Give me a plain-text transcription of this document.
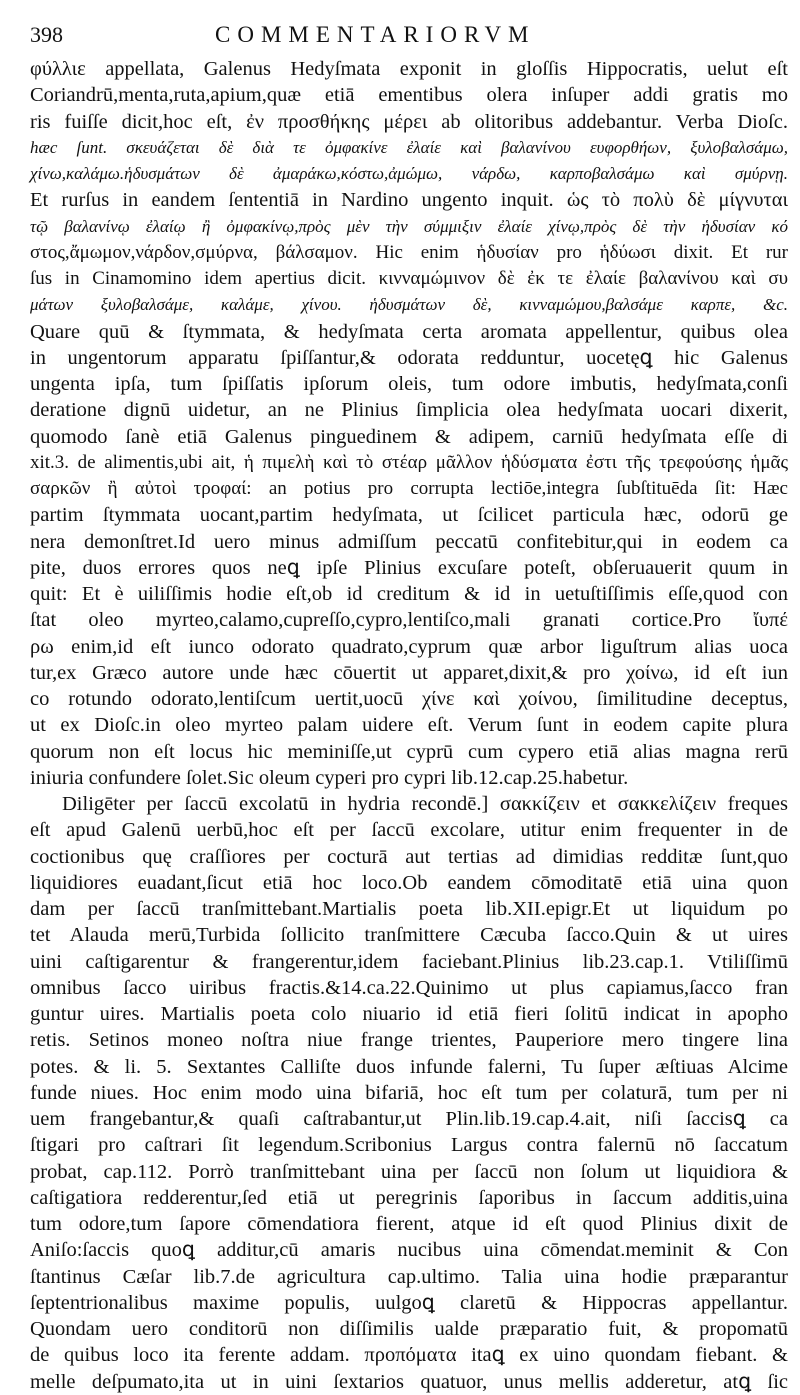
398	COMMENTARIORVM
φύλλιε appellata, Galenus Hedyſmata exponit in gloſſis Hippocratis, uelut eſt
Coriandrū,menta,ruta,apium,quæ etiā ementibus olera inſuper addi gratis mo
ris fuiſſe dicit,hoc eſt, ἐν προσθήκης μέρει ab olitoribus addebantur. Verba Dioſc.
hæc ſunt. σκευάζεται δὲ διὰ τε ὀμφακίνε ἐλαίε καὶ βαλανίνου ευφορθήων, ξυλοβαλσάμω,
χίνω,καλάμω.ἡδυσμάτων δὲ ἀμαράκω,κόστω,ἀμώμω, νάρδω, καρποβαλσάμω καὶ σμύρνῃ.
Et rurſus in eandem ſententiā in Nardino ungento inquit. ὡς τὸ πολὺ δὲ μίγνυται
τῷ βαλανίνῳ ἐλαίῳ ἢ ὀμφακίνῳ,πρὸς μὲν τὴν σύμμιξιν ἐλαίε χίνῳ,πρὸς δὲ τὴν ἡδυσίαν κό
στος,ἄμωμον,νάρδον,σμύρνα, βάλσαμον. Hic enim ἡδυσίαν pro ἡδύωσι dixit. Et rur
ſus in Cinamomino idem apertius dicit. κινναμώμινον δὲ ἐκ τε ἐλαίε βαλανίνου καὶ συ
μάτων ξυλοβαλσάμε, καλάμε, χίνου. ἡδυσμάτων δὲ, κινναμώμου,βαλσάμε καρπε, &c.
Quare quū & ſtymmata, & hedyſmata certa aromata appellentur, quibus olea
in ungentorum apparatu ſpiſſantur,& odorata redduntur, uocetęꝗ hic Galenus
ungenta ipſa, tum ſpiſſatis ipſorum oleis, tum odore imbutis, hedyſmata,conſi
deratione dignū uidetur, an ne Plinius ſimplicia olea hedyſmata uocari dixerit,
quomodo ſanè etiā Galenus pinguedinem & adipem, carniū hedyſmata eſſe di
xit.3. de alimentis,ubi ait, ἡ πιμελὴ καὶ τὸ στέαρ μᾶλλον ἡδύσματα ἐστι τῆς τρεφούσης ἡμᾶς
σαρκῶν ἢ αὐτοὶ τροφαί: an potius pro corrupta lectiōe,integra ſubſtituēda ſit: Hæc
partim ſtymmata uocant,partim hedyſmata, ut ſcilicet particula hæc, odorū ge
nera demonſtret.Id uero minus admiſſum peccatū confitebitur,qui in eodem ca
pite, duos errores quos neꝗ ipſe Plinius excuſare poteſt, obſeruauerit quum in
quit: Et è uiliſſimis hodie eſt,ob id creditum & id in uetuſtiſſimis eſſe,quod con
ſtat oleo myrteo,calamo,cupreſſo,cypro,lentiſco,mali granati cortice.Pro ἴυπέ
ρω enim,id eſt iunco odorato quadrato,cyprum quæ arbor liguſtrum alias uoca
tur,ex Græco autore unde hæc cōuertit ut apparet,dixit,& pro χοίνω, id eſt iun
co rotundo odorato,lentiſcum uertit,uocū χίνε καὶ χοίνου, ſimilitudine deceptus,
ut ex Dioſc.in oleo myrteo palam uidere eſt. Verum ſunt in eodem capite plura
quorum non eſt locus hic meminiſſe,ut cyprū cum cypero etiā alias magna rerū
iniuria confundere ſolet.Sic oleum cyperi pro cypri lib.12.cap.25.habetur.
Diligēter per ſaccū excolatū in hydria recondē.] σακκίζειν et σακκελίζειν freques
eſt apud Galenū uerbū,hoc eſt per ſaccū excolare, utitur enim frequenter in de
coctionibus quę craſſiores per cocturā aut tertias ad dimidias redditæ ſunt,quo
liquidiores euadant,ſicut etiā hoc loco.Ob eandem cōmoditatē etiā uina quon
dam per ſaccū tranſmittebant.Martialis poeta lib.XII.epigr.Et ut liquidum po
tet Alauda merū,Turbida ſollicito tranſmittere Cæcuba ſacco.Quin & ut uires
uini caſtigarentur & frangerentur,idem faciebant.Plinius lib.23.cap.1. Vtiliſſimū
omnibus ſacco uiribus fractis.&14.ca.22.Quinimo ut plus capiamus,ſacco fran
guntur uires. Martialis poeta colo niuario id etiā fieri ſolitū indicat in apopho
retis. Setinos moneo noſtra niue frange trientes, Pauperiore mero tingere lina
potes. & li. 5. Sextantes Calliſte duos infunde falerni, Tu ſuper æſtiuas Alcime
funde niues. Hoc enim modo uina bifariā, hoc eſt tum per colaturā, tum per ni
uem frangebantur,& quaſi caſtrabantur,ut Plin.lib.19.cap.4.ait, niſi ſaccisꝗ ca
ſtigari pro caſtrari ſit legendum.Scribonius Largus contra falernū nō ſaccatum
probat, cap.112. Porrò tranſmittebant uina per ſaccū non ſolum ut liquidiora &
caſtigatiora redderentur,ſed etiā ut peregrinis ſaporibus in ſaccum additis,uina
tum odore,tum ſapore cōmendatiora fierent, atque id eſt quod Plinius dixit de
Aniſo:ſaccis quoꝗ additur,cū amaris nucibus uina cōmendat.meminit & Con
ſtantinus Cæſar lib.7.de agricultura cap.ultimo. Talia uina hodie præparantur
ſeptentrionalibus maxime populis, uulgoꝗ claretū & Hippocras appellantur.
Quondam uero conditorū non diſſimilis ualde præparatio fuit, & propomatū
de quibus loco ita ferente addam. προπόματα itaꝗ ex uino quondam fiebant. &
melle deſpumato,ita ut in uini ſextarios quatuor, unus mellis adderetur, atꝗ ſic
